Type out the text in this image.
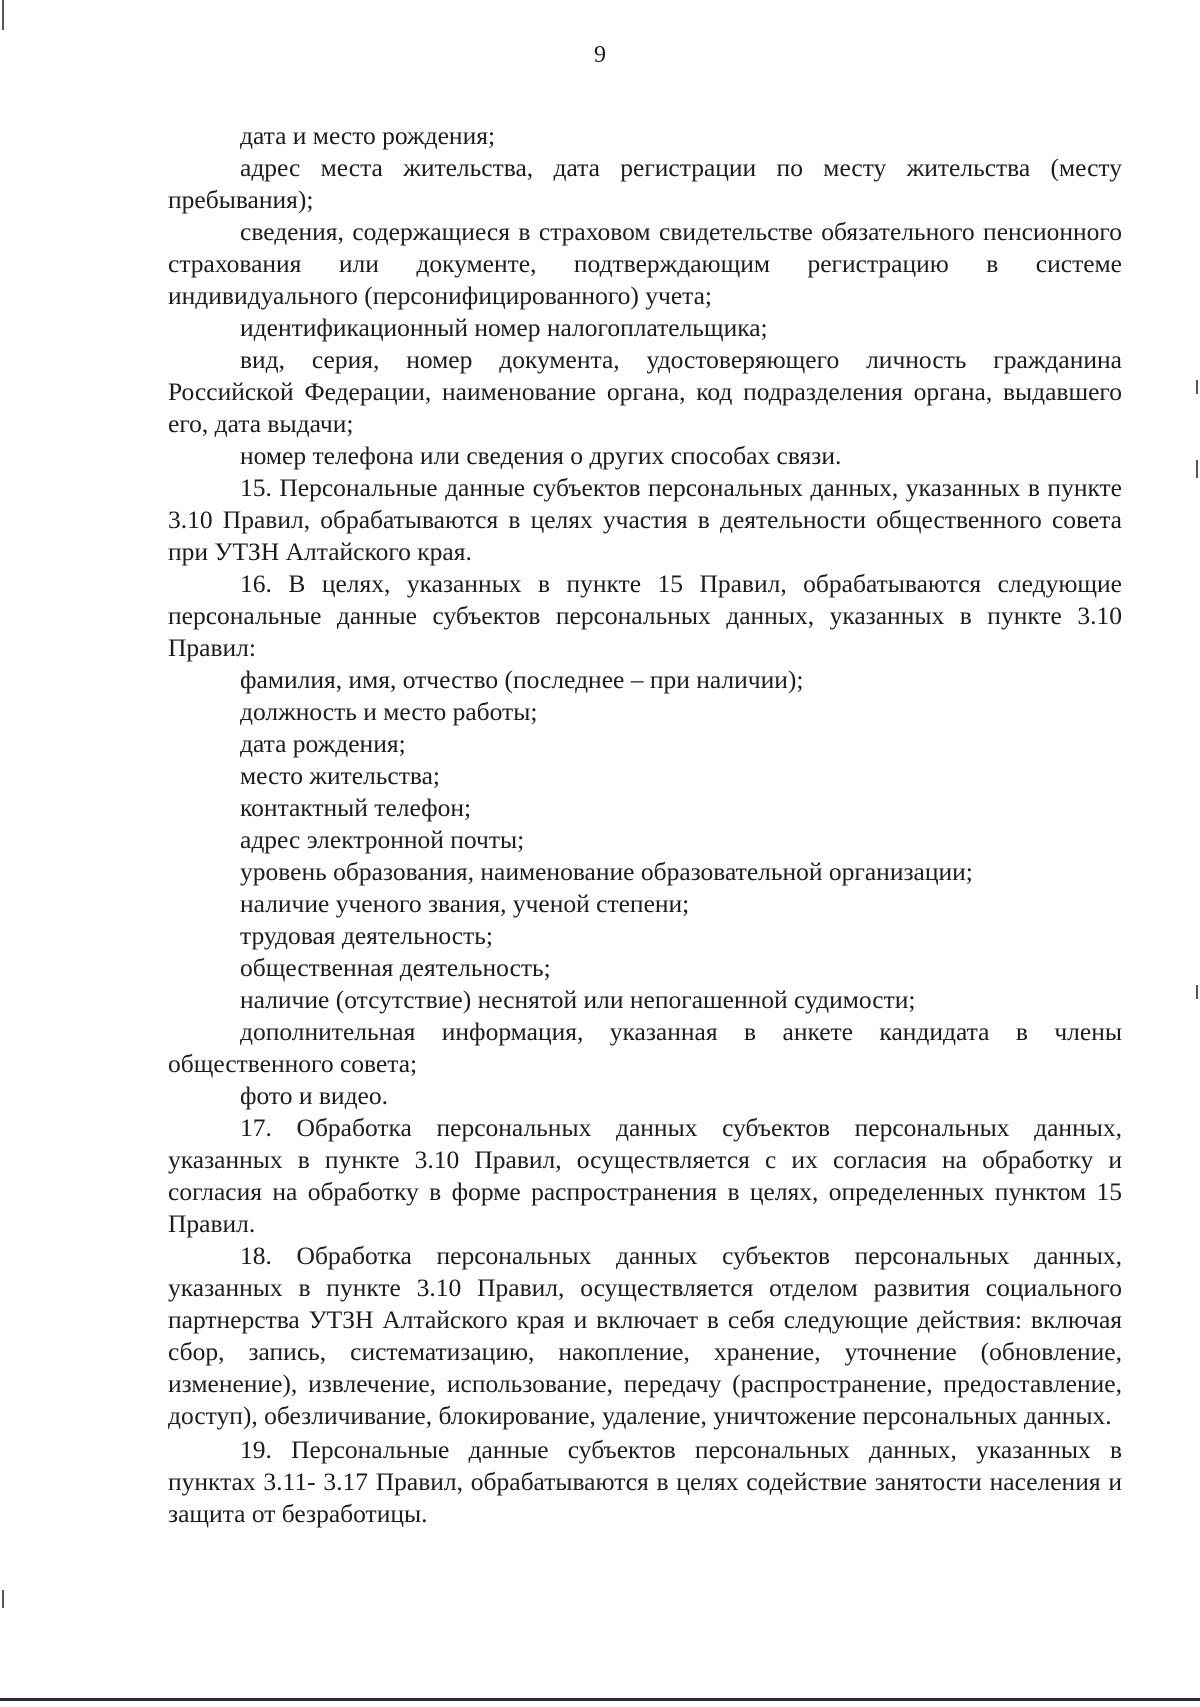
9

дата и место рождения;

адрес места жительства, дата регистрации по месту жительства (месту пребывания);

сведения, содержащиеся в страховом свидетельстве обязательного пенсионного страхования или документе, подтверждающим регистрацию в системе индивидуального (персонифицированного) учета;

идентификационный номер налогоплательщика;

вид, серия, номер документа, удостоверяющего личность гражданина Российской Федерации, наименование органа, код подразделения органа, выдавшего его, дата выдачи;

номер телефона или сведения о других способах связи.

15. Персональные данные субъектов персональных данных, указанных в пункте 3.10 Правил, обрабатываются в целях участия в деятельности общественного совета при УТЗН Алтайского края.

16. В целях, указанных в пункте 15 Правил, обрабатываются следующие персональные данные субъектов персональных данных, указанных в пункте 3.10 Правил:

фамилия, имя, отчество (последнее – при наличии);

должность и место работы;

дата рождения;

место жительства;

контактный телефон;

адрес электронной почты;

уровень образования, наименование образовательной организации;

наличие ученого звания, ученой степени;

трудовая деятельность;

общественная деятельность;

наличие (отсутствие) неснятой или непогашенной судимости;

дополнительная информация, указанная в анкете кандидата в члены общественного совета;

фото и видео.

17. Обработка персональных данных субъектов персональных данных, указанных в пункте 3.10 Правил, осуществляется с их согласия на обработку и согласия на обработку в форме распространения в целях, определенных пунктом 15 Правил.

18. Обработка персональных данных субъектов персональных данных, указанных в пункте 3.10 Правил, осуществляется отделом развития социального партнерства УТЗН Алтайского края и включает в себя следующие действия: включая сбор, запись, систематизацию, накопление, хранение, уточнение (обновление, изменение), извлечение, использование, передачу (распространение, предоставление, доступ), обезличивание, блокирование, удаление, уничтожение персональных данных.

19. Персональные данные субъектов персональных данных, указанных в пунктах 3.11- 3.17 Правил, обрабатываются в целях содействие занятости населения и защита от безработицы.
